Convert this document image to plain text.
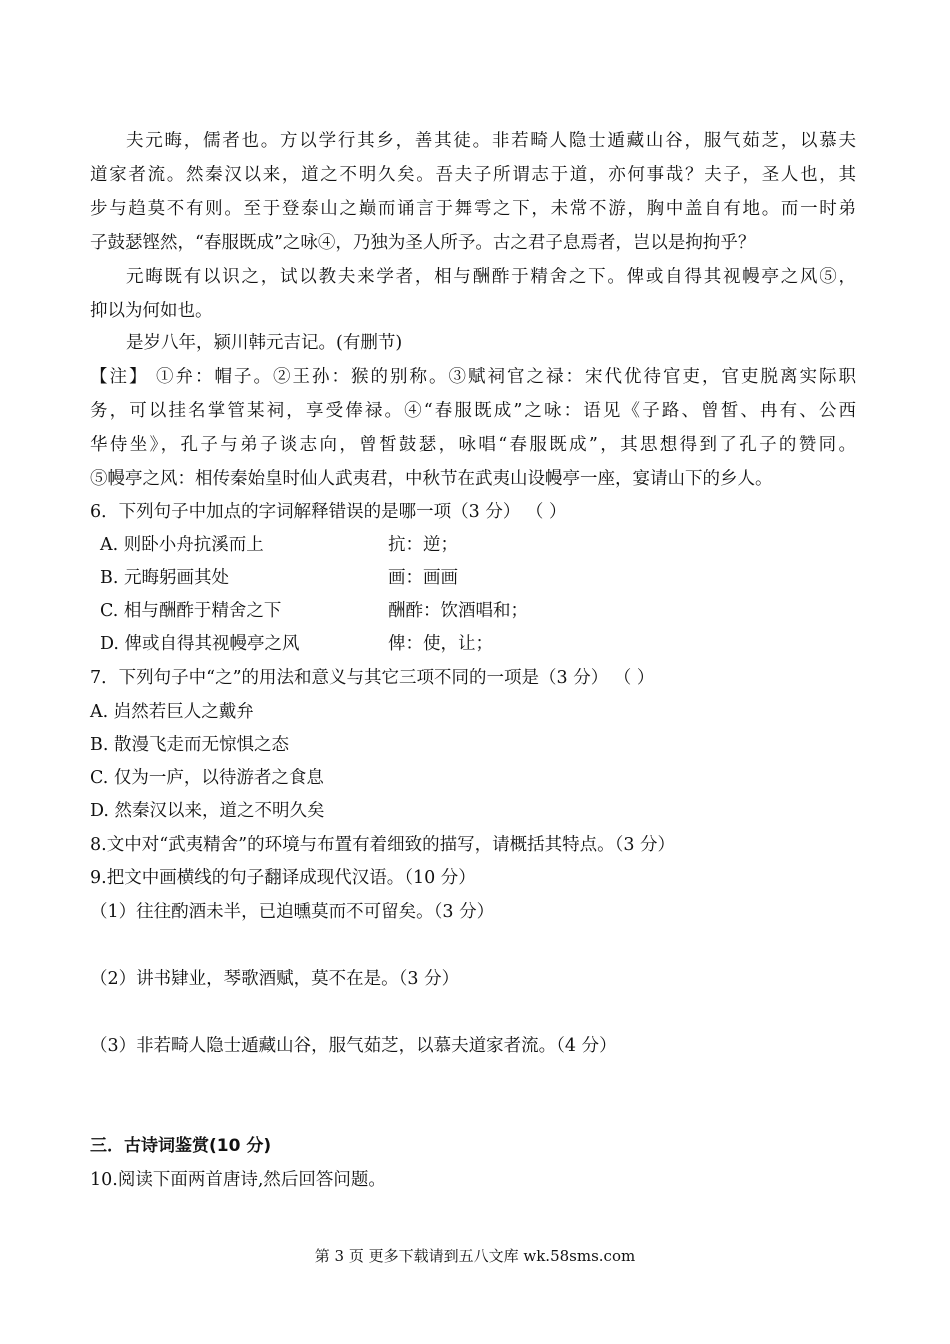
夫元晦，儒者也。方以学行其乡，善其徒。非若畸人隐士遁藏山谷，服气茹芝，以慕夫
道家者流。然秦汉以来，道之不明久矣。吾夫子所谓志于道，亦何事哉？夫子，圣人也，其
步与趋莫不有则。至于登泰山之巅而诵言于舞雩之下，未常不游，胸中盖自有地。而一时弟
子鼓瑟铿然，“春服既成”之咏④，乃独为圣人所予。古之君子息焉者，岂以是拘拘乎？
元晦既有以识之，试以教夫来学者，相与酬酢于精舍之下。俾或自得其视幔亭之风⑤，
抑以为何如也。
是岁八年，颍川韩元吉记。(有删节)
【注】 ①弁：帽子。②王孙：猴的别称。③赋祠官之禄：宋代优待官吏，官吏脱离实际职
务，可以挂名掌管某祠，享受俸禄。④“春服既成”之咏：语见《子路、曾皙、冉有、公西
华侍坐》，孔子与弟子谈志向，曾皙鼓瑟，咏唱“春服既成”，其思想得到了孔子的赞同。
⑤幔亭之风：相传秦始皇时仙人武夷君，中秋节在武夷山设幔亭一座，宴请山下的乡人。
6．下列句子中加点的字词解释错误的是哪一项（3 分） （ ）
A. 则卧小舟抗溪而上	抗：逆；
B. 元晦躬画其处	画：画画
C. 相与酬酢于精舍之下	酬酢：饮酒唱和；
D. 俾或自得其视幔亭之风	俾：使，让；
7．下列句子中“之”的用法和意义与其它三项不同的一项是（3 分） （ ）
A. 岿然若巨人之戴弁
B. 散漫飞走而无惊惧之态
C. 仅为一庐，以待游者之食息
D. 然秦汉以来，道之不明久矣
8.文中对“武夷精舍”的环境与布置有着细致的描写，请概括其特点。（3 分）
9.把文中画横线的句子翻译成现代汉语。（10 分）
（1）往往酌酒未半，已迫曛莫而不可留矣。（3 分）
（2）讲书肄业，琴歌酒赋，莫不在是。（3 分）
（3）非若畸人隐士遁藏山谷，服气茹芝，以慕夫道家者流。（4 分）
三．古诗词鉴赏(10 分)
10.阅读下面两首唐诗,然后回答问题。
第 3 页 更多下载请到五八文库 wk.58sms.com
